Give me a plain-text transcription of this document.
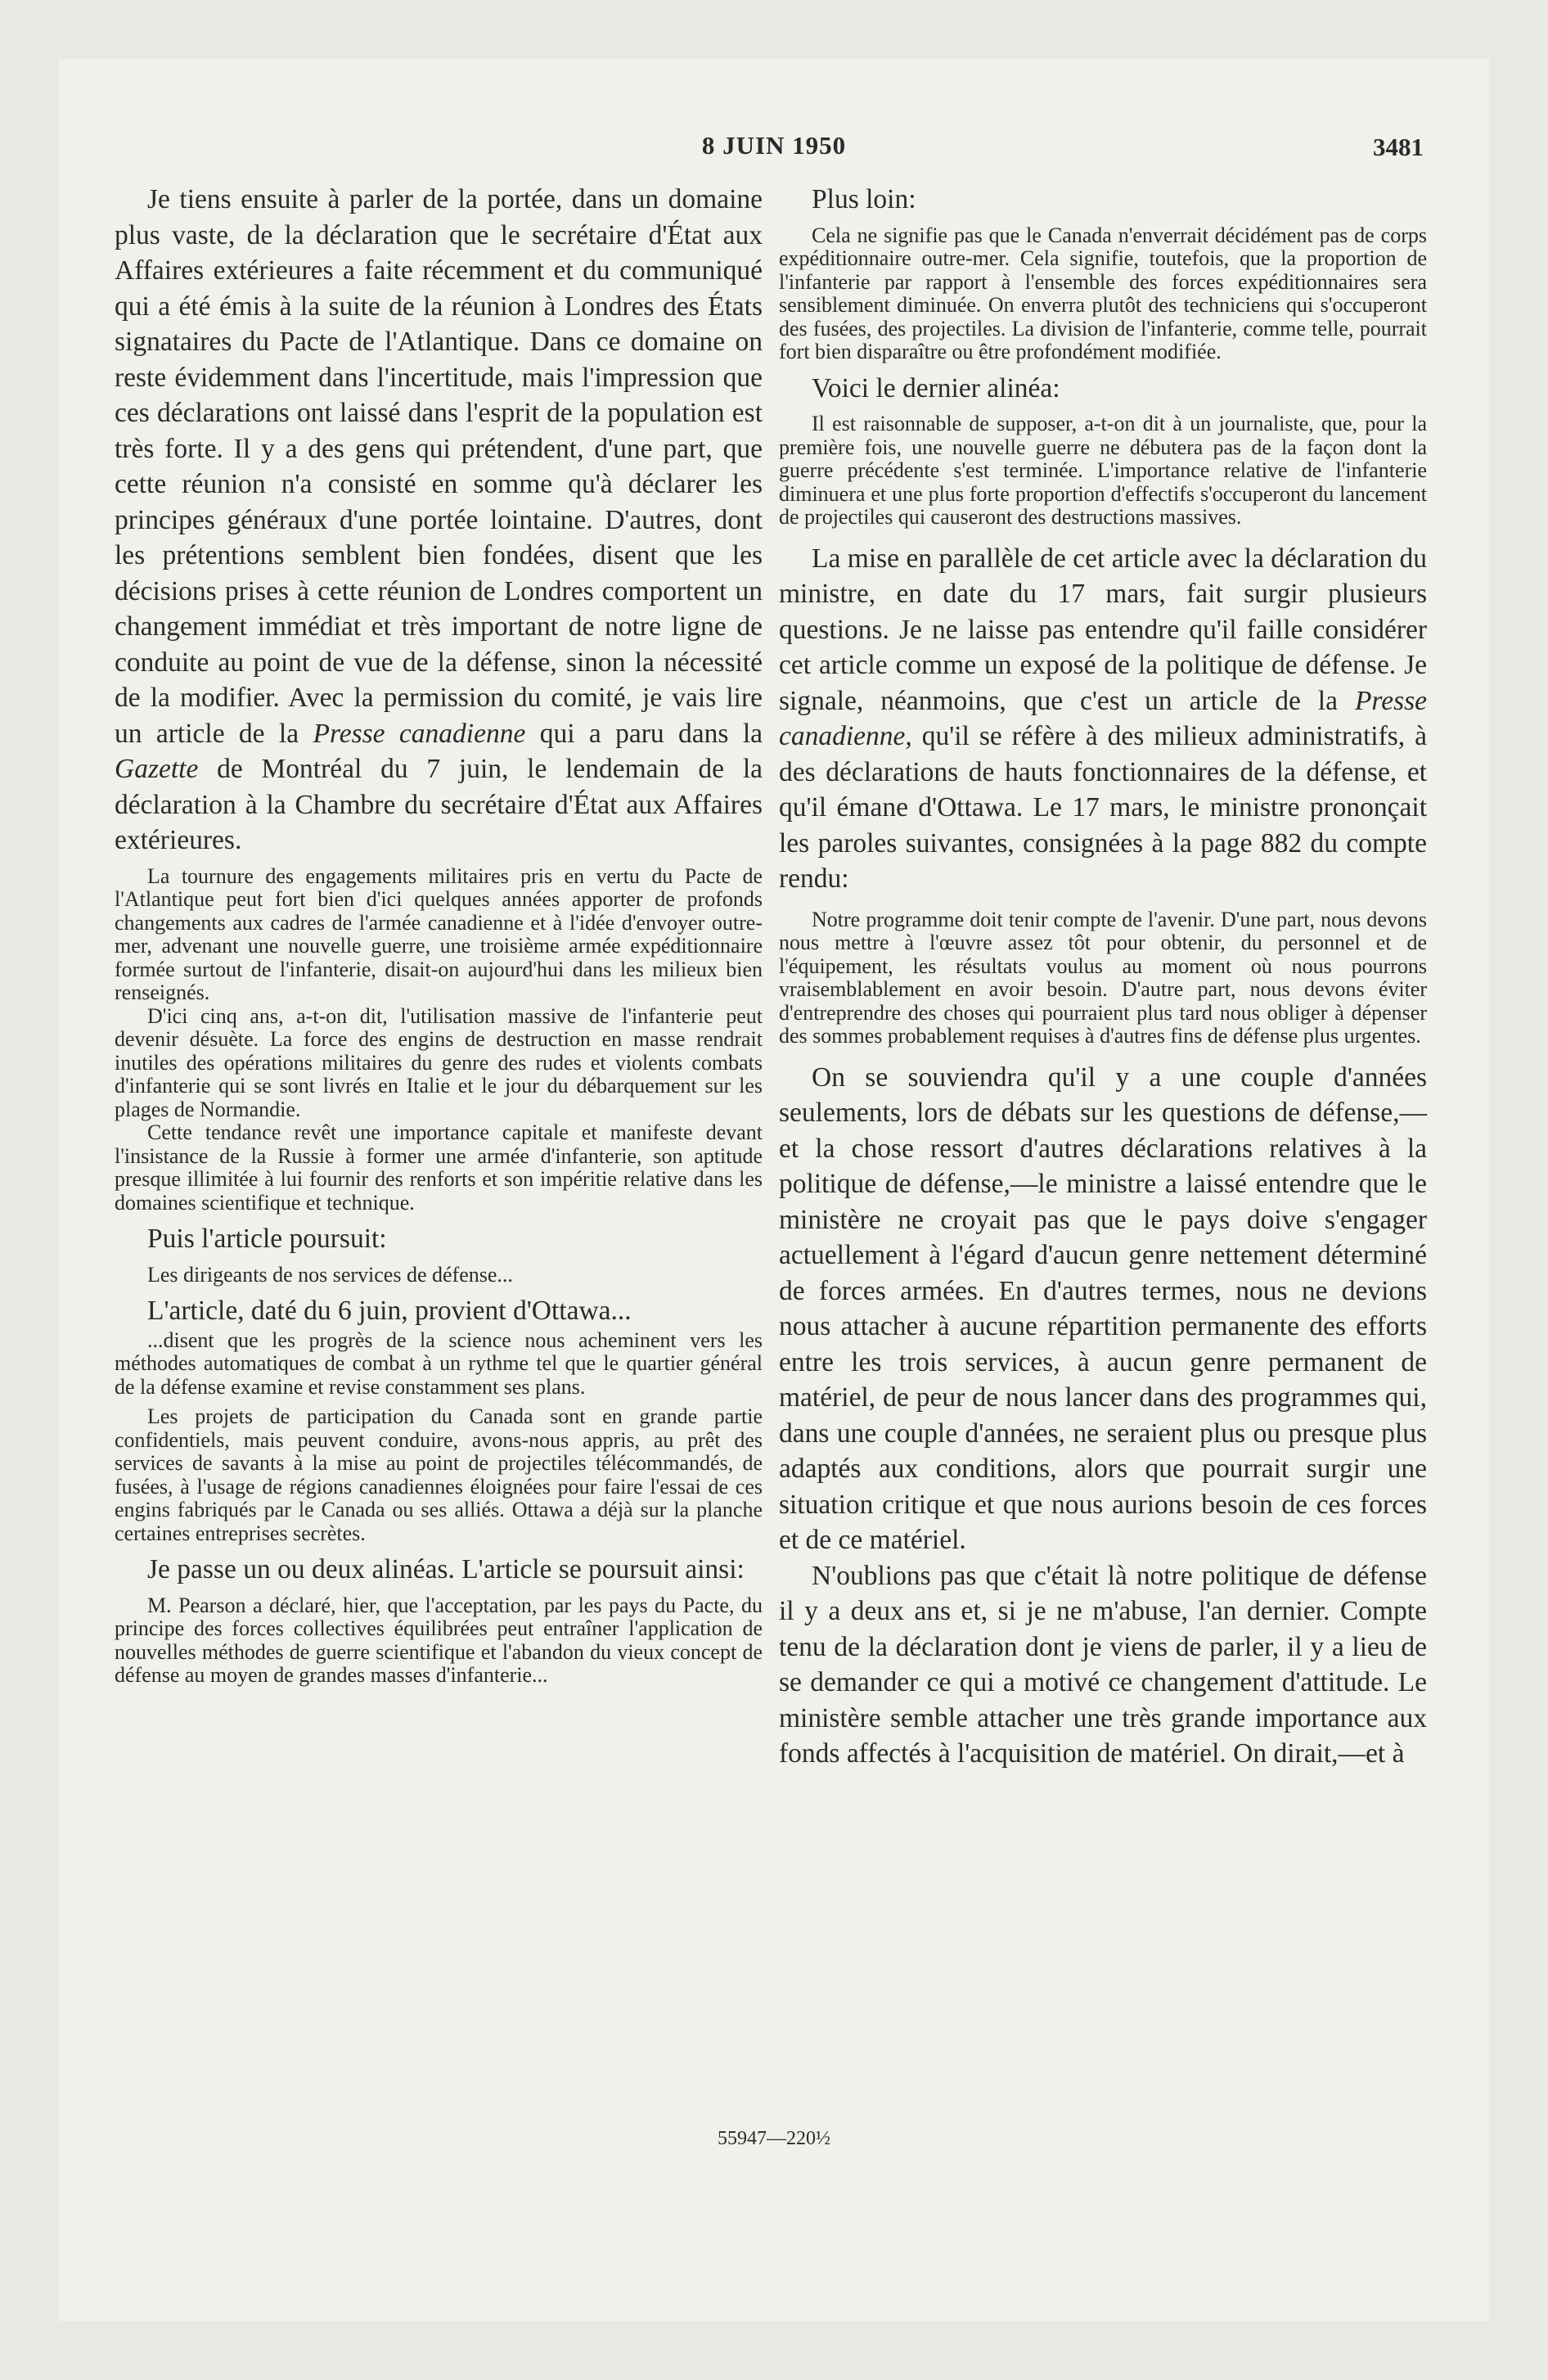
8 JUIN 1950	3481

Je tiens ensuite à parler de la portée, dans un domaine plus vaste, de la déclaration que le secrétaire d'État aux Affaires extérieures a faite récemment et du communiqué qui a été émis à la suite de la réunion à Londres des États signataires du Pacte de l'Atlantique. Dans ce domaine on reste évidemment dans l'incertitude, mais l'impression que ces déclarations ont laissé dans l'esprit de la population est très forte. Il y a des gens qui prétendent, d'une part, que cette réunion n'a consisté en somme qu'à déclarer les principes généraux d'une portée lointaine. D'autres, dont les prétentions semblent bien fondées, disent que les décisions prises à cette réunion de Londres comportent un changement immédiat et très important de notre ligne de conduite au point de vue de la défense, sinon la nécessité de la modifier. Avec la permission du comité, je vais lire un article de la Presse canadienne qui a paru dans la Gazette de Montréal du 7 juin, le lendemain de la déclaration à la Chambre du secrétaire d'État aux Affaires extérieures.

La tournure des engagements militaires pris en vertu du Pacte de l'Atlantique peut fort bien d'ici quelques années apporter de profonds changements aux cadres de l'armée canadienne et à l'idée d'envoyer outre-mer, advenant une nouvelle guerre, une troisième armée expéditionnaire formée surtout de l'infanterie, disait-on aujourd'hui dans les milieux bien renseignés.

D'ici cinq ans, a-t-on dit, l'utilisation massive de l'infanterie peut devenir désuète. La force des engins de destruction en masse rendrait inutiles des opérations militaires du genre des rudes et violents combats d'infanterie qui se sont livrés en Italie et le jour du débarquement sur les plages de Normandie.

Cette tendance revêt une importance capitale et manifeste devant l'insistance de la Russie à former une armée d'infanterie, son aptitude presque illimitée à lui fournir des renforts et son impéritie relative dans les domaines scientifique et technique.

Puis l'article poursuit:

Les dirigeants de nos services de défense...

L'article, daté du 6 juin, provient d'Ottawa...

...disent que les progrès de la science nous acheminent vers les méthodes automatiques de combat à un rythme tel que le quartier général de la défense examine et revise constamment ses plans.

Les projets de participation du Canada sont en grande partie confidentiels, mais peuvent conduire, avons-nous appris, au prêt des services de savants à la mise au point de projectiles télécommandés, de fusées, à l'usage de régions canadiennes éloignées pour faire l'essai de ces engins fabriqués par le Canada ou ses alliés. Ottawa a déjà sur la planche certaines entreprises secrètes.

Je passe un ou deux alinéas. L'article se poursuit ainsi:

M. Pearson a déclaré, hier, que l'acceptation, par les pays du Pacte, du principe des forces collectives équilibrées peut entraîner l'application de nouvelles méthodes de guerre scientifique et l'abandon du vieux concept de défense au moyen de grandes masses d'infanterie...

Plus loin:

Cela ne signifie pas que le Canada n'enverrait décidément pas de corps expéditionnaire outre-mer. Cela signifie, toutefois, que la proportion de l'infanterie par rapport à l'ensemble des forces expéditionnaires sera sensiblement diminuée. On enverra plutôt des techniciens qui s'occuperont des fusées, des projectiles. La division de l'infanterie, comme telle, pourrait fort bien disparaître ou être profondément modifiée.

Voici le dernier alinéa:

Il est raisonnable de supposer, a-t-on dit à un journaliste, que, pour la première fois, une nouvelle guerre ne débutera pas de la façon dont la guerre précédente s'est terminée. L'importance relative de l'infanterie diminuera et une plus forte proportion d'effectifs s'occuperont du lancement de projectiles qui causeront des destructions massives.

La mise en parallèle de cet article avec la déclaration du ministre, en date du 17 mars, fait surgir plusieurs questions. Je ne laisse pas entendre qu'il faille considérer cet article comme un exposé de la politique de défense. Je signale, néanmoins, que c'est un article de la Presse canadienne, qu'il se réfère à des milieux administratifs, à des déclarations de hauts fonctionnaires de la défense, et qu'il émane d'Ottawa. Le 17 mars, le ministre prononçait les paroles suivantes, consignées à la page 882 du compte rendu:

Notre programme doit tenir compte de l'avenir. D'une part, nous devons nous mettre à l'œuvre assez tôt pour obtenir, du personnel et de l'équipement, les résultats voulus au moment où nous pourrons vraisemblablement en avoir besoin. D'autre part, nous devons éviter d'entreprendre des choses qui pourraient plus tard nous obliger à dépenser des sommes probablement requises à d'autres fins de défense plus urgentes.

On se souviendra qu'il y a une couple d'années seulements, lors de débats sur les questions de défense,—et la chose ressort d'autres déclarations relatives à la politique de défense,—le ministre a laissé entendre que le ministère ne croyait pas que le pays doive s'engager actuellement à l'égard d'aucun genre nettement déterminé de forces armées. En d'autres termes, nous ne devions nous attacher à aucune répartition permanente des efforts entre les trois services, à aucun genre permanent de matériel, de peur de nous lancer dans des programmes qui, dans une couple d'années, ne seraient plus ou presque plus adaptés aux conditions, alors que pourrait surgir une situation critique et que nous aurions besoin de ces forces et de ce matériel.

N'oublions pas que c'était là notre politique de défense il y a deux ans et, si je ne m'abuse, l'an dernier. Compte tenu de la déclaration dont je viens de parler, il y a lieu de se demander ce qui a motivé ce changement d'attitude. Le ministère semble attacher une très grande importance aux fonds affectés à l'acquisition de matériel. On dirait,—et à

55947—220½
